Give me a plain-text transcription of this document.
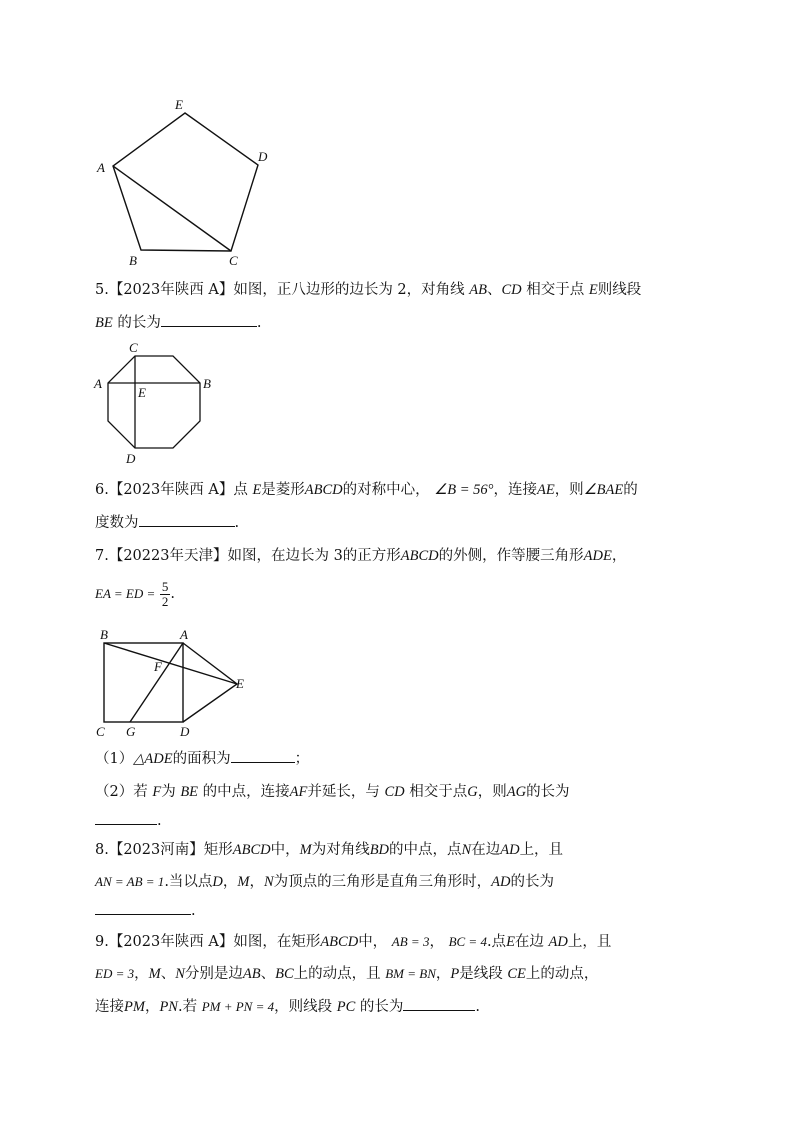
E
A
D
B	C
5.【2023年陕西 A】如图，正八边形的边长为 2，对角线 AB、CD 相交于点 E则线段
BE 的长为	.
C
A
E
B
D
6.【2023年陕西 A】点 E是菱形ABCD的对称中心， ∠B = 56°，连接AE，则∠BAE的
度数为	.
7.【20223年天津】如图，在边长为 3的正方形ABCD的外侧，作等腰三角形ADE，
EA = ED = $\frac{5}{2}$ .
B	A
F
E
C G	D
（1）△ADE的面积为	；
（2）若 F为 BE 的中点，连接AF并延长，与 CD 相交于点G，则AG的长为
.
8.【2023河南】矩形ABCD中，M为对角线BD的中点，点N在边AD上，且
AN = AB = 1.当以点D，M，N为顶点的三角形是直角三角形时，AD的长为
.
9.【2023年陕西 A】如图，在矩形ABCD中， AB = 3， BC = 4.点E在边 AD上，且
ED = 3，M、N分别是边AB、BC上的动点，且 BM = BN，P是线段 CE上的动点，
连接PM，PN.若 PM + PN = 4，则线段 PC 的长为	.
